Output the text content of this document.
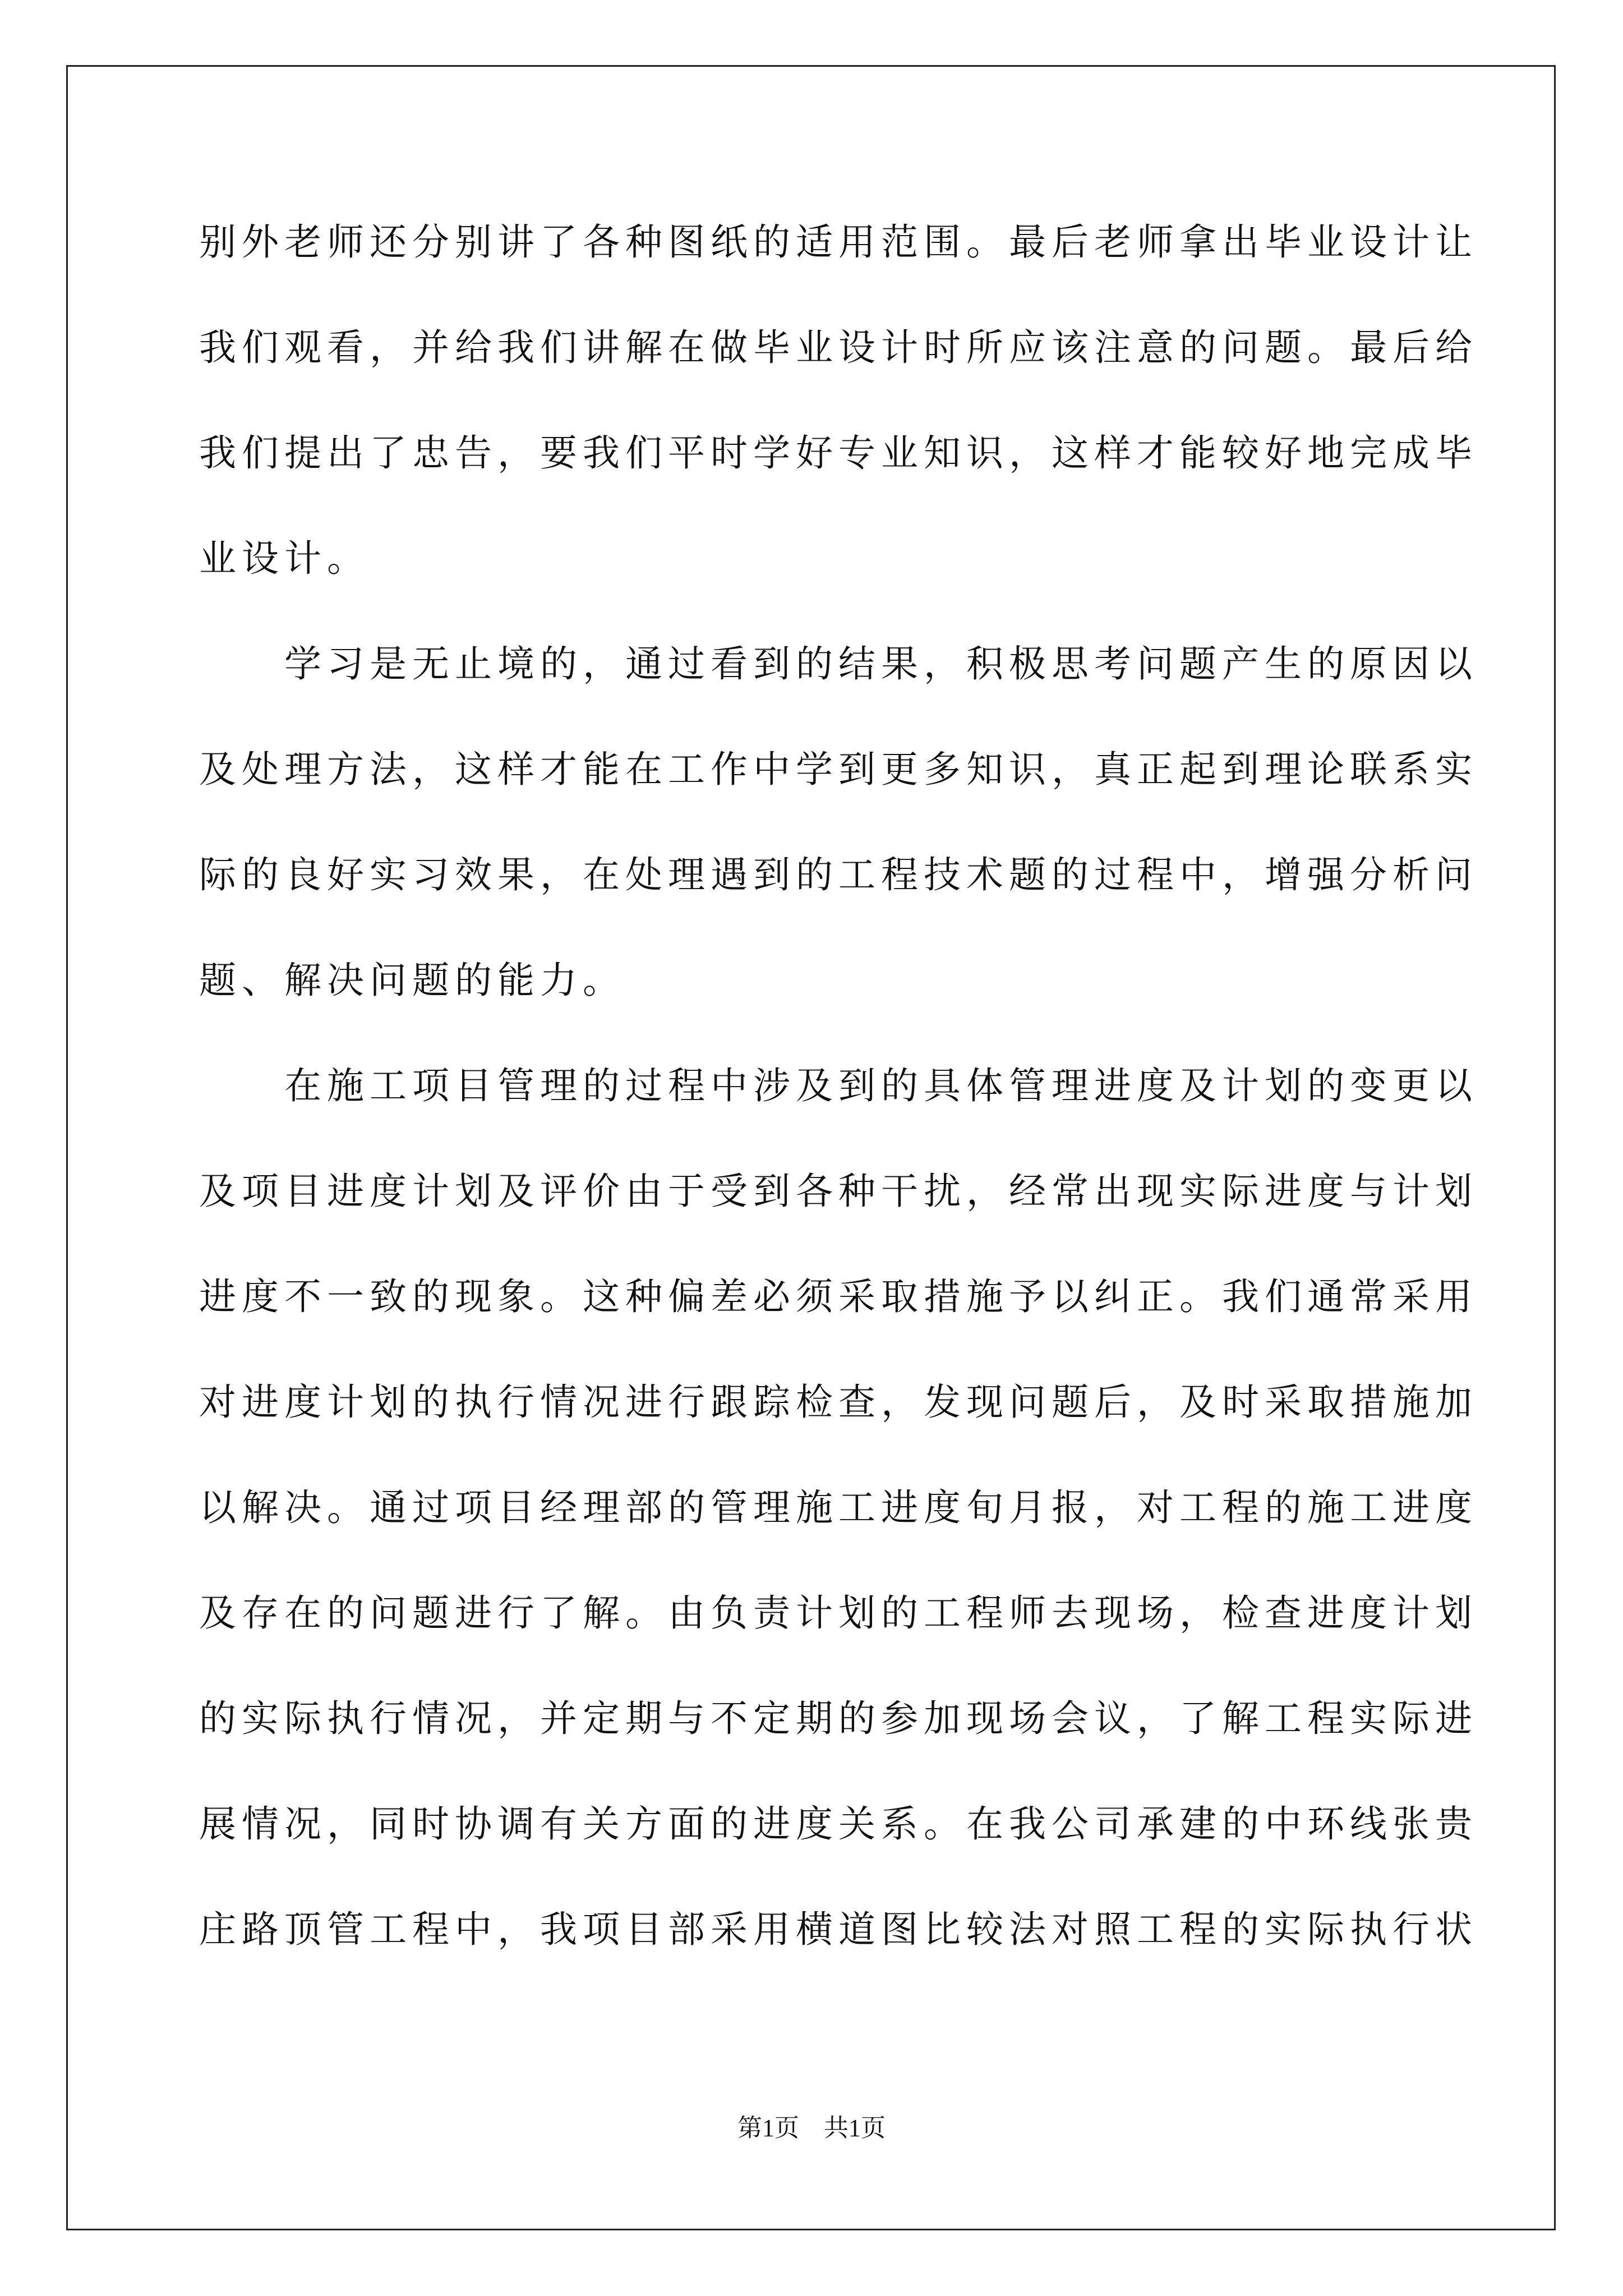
别外老师还分别讲了各种图纸的适用范围。最后老师拿出毕业设计让
我们观看，并给我们讲解在做毕业设计时所应该注意的问题。最后给
我们提出了忠告，要我们平时学好专业知识，这样才能较好地完成毕
业设计。
　　学习是无止境的，通过看到的结果，积极思考问题产生的原因以
及处理方法，这样才能在工作中学到更多知识，真正起到理论联系实
际的良好实习效果，在处理遇到的工程技术题的过程中，增强分析问
题、解决问题的能力。
　　在施工项目管理的过程中涉及到的具体管理进度及计划的变更以
及项目进度计划及评价由于受到各种干扰，经常出现实际进度与计划
进度不一致的现象。这种偏差必须采取措施予以纠正。我们通常采用
对进度计划的执行情况进行跟踪检查，发现问题后，及时采取措施加
以解决。通过项目经理部的管理施工进度旬月报，对工程的施工进度
及存在的问题进行了解。由负责计划的工程师去现场，检查进度计划
的实际执行情况，并定期与不定期的参加现场会议，了解工程实际进
展情况，同时协调有关方面的进度关系。在我公司承建的中环线张贵
庄路顶管工程中，我项目部采用横道图比较法对照工程的实际执行状
第1页　共1页
